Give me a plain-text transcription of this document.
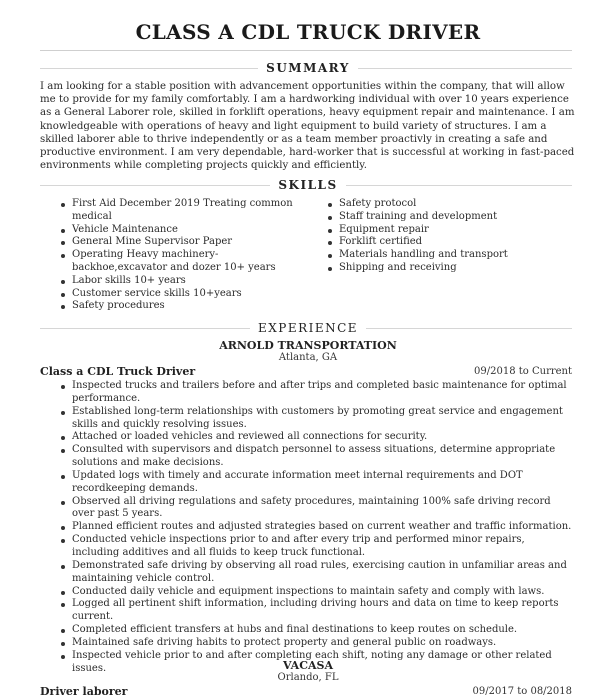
CLASS A CDL TRUCK DRIVER
SUMMARY
I am looking for a stable position with advancement opportunities within the company, that will allow me to provide for my family comfortably. I am a hardworking individual with over 10 years experience as a General Laborer role, skilled in forklift operations, heavy equipment repair and maintenance. I am knowledgeable with operations of heavy and light equipment to build variety of structures. I am a skilled laborer able to thrive independently or as a team member proactivly in creating a safe and productive environment. I am very dependable, hard-worker that is successful at working in fast-paced environments while completing projects quickly and efficiently.
SKILLS
First Aid December 2019 Treating common medical
Vehicle Maintenance
General Mine Supervisor Paper
Operating Heavy machinery- backhoe,excavator and dozer 10+ years
Labor skills 10+ years
Customer service skills 10+years
Safety procedures
Safety protocol
Staff training and development
Equipment repair
Forklift certified
Materials handling and transport
Shipping and receiving
EXPERIENCE
ARNOLD TRANSPORTATION
Atlanta, GA
Class a CDL Truck Driver	09/2018 to Current
Inspected trucks and trailers before and after trips and completed basic maintenance for optimal performance.
Established long-term relationships with customers by promoting great service and engagement skills and quickly resolving issues.
Attached or loaded vehicles and reviewed all connections for security.
Consulted with supervisors and dispatch personnel to assess situations, determine appropriate solutions and make decisions.
Updated logs with timely and accurate information meet internal requirements and DOT recordkeeping demands.
Observed all driving regulations and safety procedures, maintaining 100% safe driving record over past 5 years.
Planned efficient routes and adjusted strategies based on current weather and traffic information.
Conducted vehicle inspections prior to and after every trip and performed minor repairs, including additives and all fluids to keep truck functional.
Demonstrated safe driving by observing all road rules, exercising caution in unfamiliar areas and maintaining vehicle control.
Conducted daily vehicle and equipment inspections to maintain safety and comply with laws.
Logged all pertinent shift information, including driving hours and data on time to keep reports current.
Completed efficient transfers at hubs and final destinations to keep routes on schedule.
Maintained safe driving habits to protect property and general public on roadways.
Inspected vehicle prior to and after completing each shift, noting any damage or other related issues.	VACASA
Orlando, FL
Driver laborer	09/2017 to 08/2018
